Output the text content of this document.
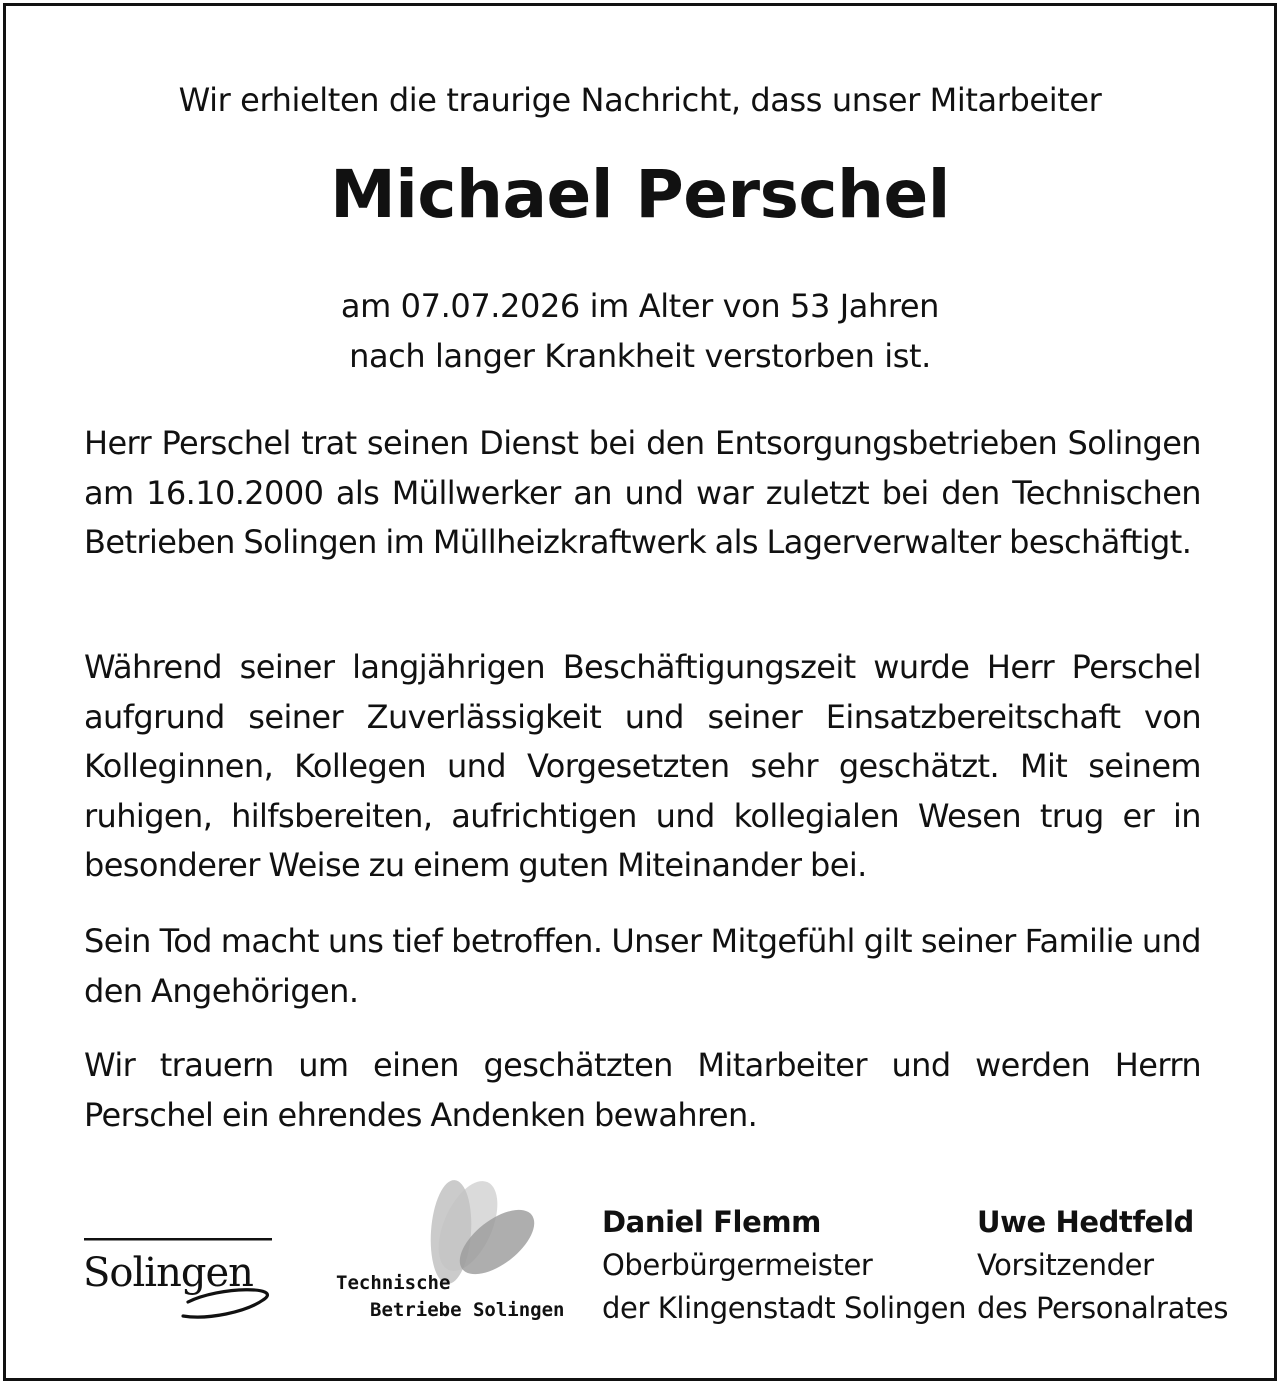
Wir erhielten die traurige Nachricht, dass unser Mitarbeiter
Michael Perschel
am 07.07.2026 im Alter von 53 Jahren
nach langer Krankheit verstorben ist.
Herr Perschel trat seinen Dienst bei den Entsorgungsbetrieben Solingen am 16.10.2000 als Müllwerker an und war zuletzt bei den Technischen Betrieben Solingen im Müllheizkraftwerk als Lagerverwalter beschäftigt.
Während seiner langjährigen Beschäftigungszeit wurde Herr Perschel aufgrund seiner Zuverlässigkeit und seiner Einsatzbereitschaft von Kolleginnen, Kollegen und Vorgesetzten sehr geschätzt. Mit seinem ruhigen, hilfsbereiten, aufrichtigen und kollegialen Wesen trug er in besonderer Weise zu einem guten Miteinander bei.
Sein Tod macht uns tief betroffen. Unser Mitgefühl gilt seiner Familie und den Angehörigen.
Wir trauern um einen geschätzten Mitarbeiter und werden Herrn Perschel ein ehrendes Andenken bewahren.
Solingen	Technische
Betriebe Solingen
Daniel Flemm
Oberbürgermeister
der Klingenstadt Solingen
Uwe Hedtfeld
Vorsitzender
des Personalrates
